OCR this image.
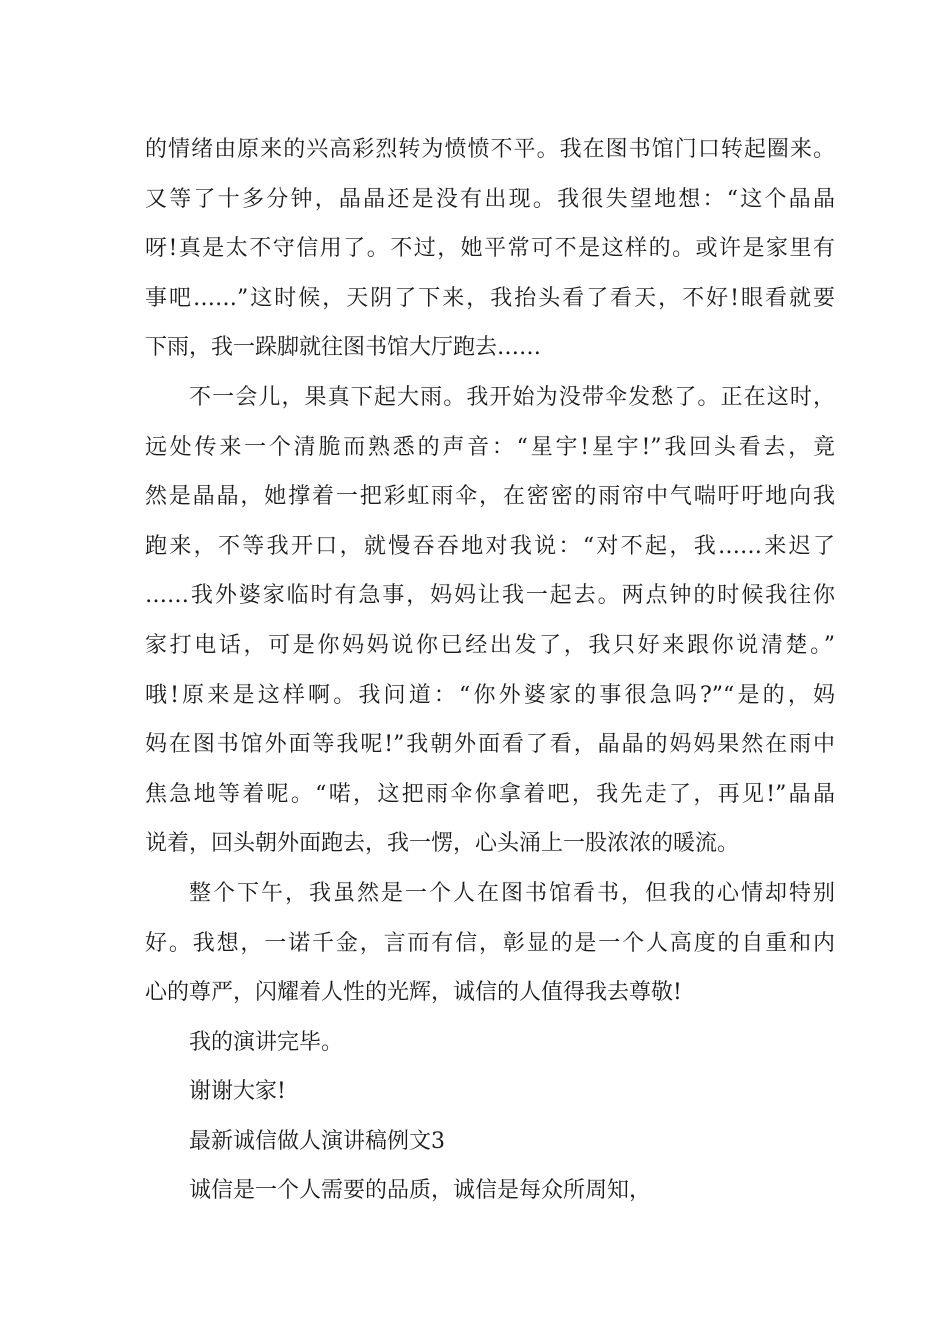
的情绪由原来的兴高彩烈转为愤愤不平。我在图书馆门口转起圈来。
又等了十多分钟，晶晶还是没有出现。我很失望地想：“这个晶晶
呀!真是太不守信用了。不过，她平常可不是这样的。或许是家里有
事吧……”这时候，天阴了下来，我抬头看了看天，不好!眼看就要
下雨，我一跺脚就往图书馆大厅跑去……
不一会儿，果真下起大雨。我开始为没带伞发愁了。正在这时，
远处传来一个清脆而熟悉的声音：“星宇!星宇!”我回头看去，竟
然是晶晶，她撑着一把彩虹雨伞，在密密的雨帘中气喘吁吁地向我
跑来，不等我开口，就慢吞吞地对我说：“对不起，我……来迟了
……我外婆家临时有急事，妈妈让我一起去。两点钟的时候我往你
家打电话，可是你妈妈说你已经出发了，我只好来跟你说清楚。”
哦!原来是这样啊。我问道：“你外婆家的事很急吗?”“是的，妈
妈在图书馆外面等我呢!”我朝外面看了看，晶晶的妈妈果然在雨中
焦急地等着呢。“喏，这把雨伞你拿着吧，我先走了，再见!”晶晶
说着，回头朝外面跑去，我一愣，心头涌上一股浓浓的暖流。
整个下午，我虽然是一个人在图书馆看书，但我的心情却特别
好。我想，一诺千金，言而有信，彰显的是一个人高度的自重和内
心的尊严，闪耀着人性的光辉，诚信的人值得我去尊敬!
我的演讲完毕。
谢谢大家!
最新诚信做人演讲稿例文3
诚信是一个人需要的品质，诚信是每众所周知，
